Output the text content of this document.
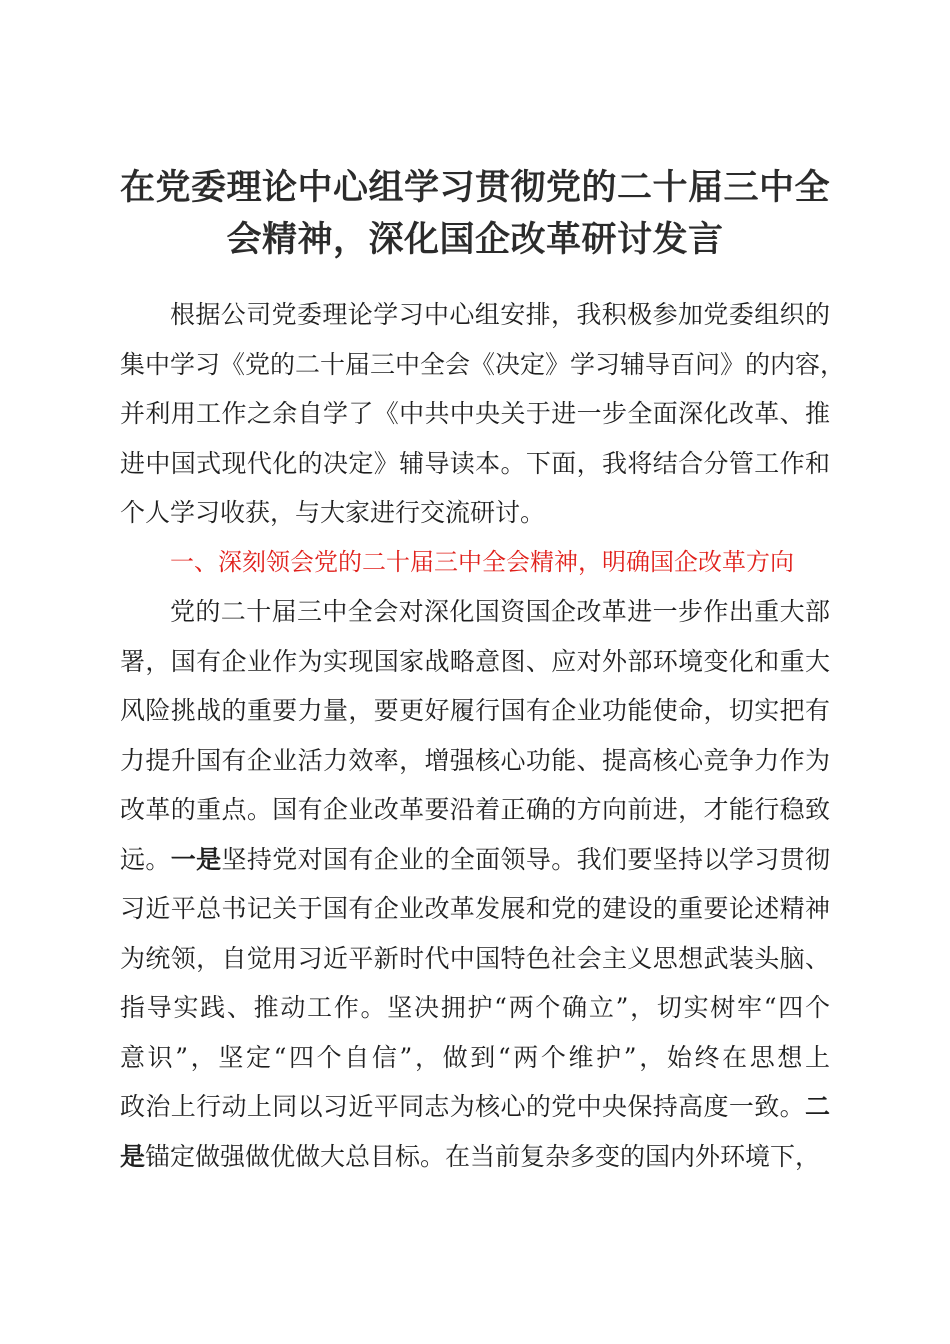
在党委理论中心组学习贯彻党的二十届三中全
会精神，深化国企改革研讨发言
根据公司党委理论学习中心组安排，我积极参加党委组织的
集中学习《党的二十届三中全会《决定》学习辅导百问》的内容，
并利用工作之余自学了《中共中央关于进一步全面深化改革、推
进中国式现代化的决定》辅导读本。下面，我将结合分管工作和
个人学习收获，与大家进行交流研讨。
一、深刻领会党的二十届三中全会精神，明确国企改革方向
党的二十届三中全会对深化国资国企改革进一步作出重大部
署，国有企业作为实现国家战略意图、应对外部环境变化和重大
风险挑战的重要力量，要更好履行国有企业功能使命，切实把有
力提升国有企业活力效率，增强核心功能、提高核心竞争力作为
改革的重点。国有企业改革要沿着正确的方向前进，才能行稳致
远。一是坚持党对国有企业的全面领导。我们要坚持以学习贯彻
习近平总书记关于国有企业改革发展和党的建设的重要论述精神
为统领，自觉用习近平新时代中国特色社会主义思想武装头脑、
指导实践、推动工作。坚决拥护“两个确立”，切实树牢“四个
意识”，坚定“四个自信”，做到“两个维护”，始终在思想上
政治上行动上同以习近平同志为核心的党中央保持高度一致。二
是锚定做强做优做大总目标。在当前复杂多变的国内外环境下，
